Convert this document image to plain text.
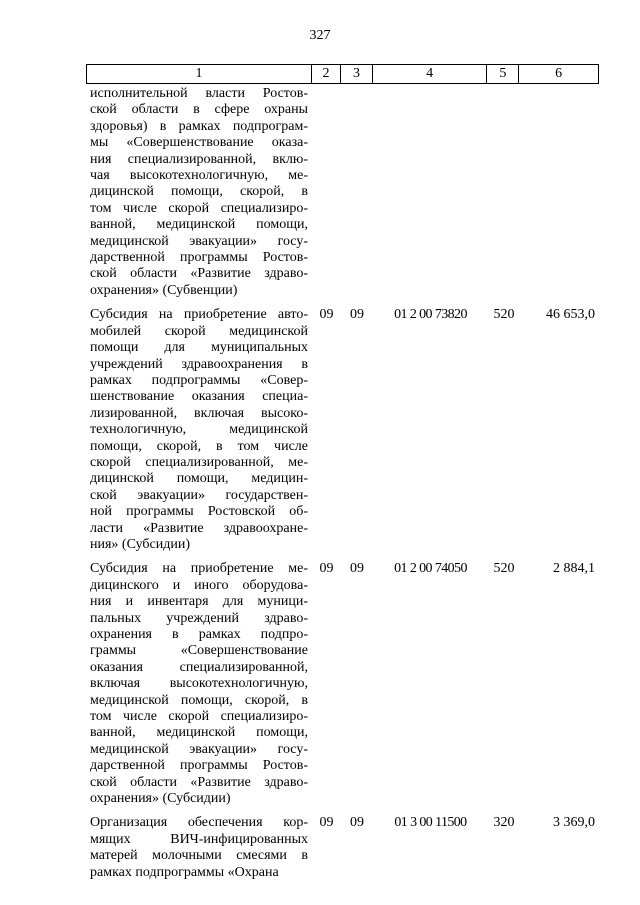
327
1	2	3	4	5	6
исполнительной власти Ростов-
ской области в сфере охраны
здоровья) в рамках подпрограм-
мы «Совершенствование оказа-
ния специализированной, вклю-
чая высокотехнологичную, ме-
дицинской помощи, скорой, в
том числе скорой специализиро-
ванной, медицинской помощи,
медицинской эвакуации» госу-
дарственной программы Ростов-
ской области «Развитие здраво-
охранения» (Субвенции)
Субсидия на приобретение авто-
мобилей скорой медицинской
помощи для муниципальных
учреждений здравоохранения в
рамках подпрограммы «Совер-
шенствование оказания специа-
лизированной, включая высоко-
технологичную, медицинской
помощи, скорой, в том числе
скорой специализированной, ме-
дицинской помощи, медицин-
ской эвакуации» государствен-
ной программы Ростовской об-
ласти «Развитие здравоохране-
ния» (Субсидии)
09	09	01 2 00 73820	520	46 653,0
Субсидия на приобретение ме-
дицинского и иного оборудова-
ния и инвентаря для муници-
пальных учреждений здраво-
охранения в рамках подпро-
граммы «Совершенствование
оказания специализированной,
включая высокотехнологичную,
медицинской помощи, скорой, в
том числе скорой специализиро-
ванной, медицинской помощи,
медицинской эвакуации» госу-
дарственной программы Ростов-
ской области «Развитие здраво-
охранения» (Субсидии)
09	09	01 2 00 74050	520	2 884,1
Организация обеспечения кор-
мящих ВИЧ-инфицированных
матерей молочными смесями в
рамках подпрограммы «Охрана
09	09	01 3 00 11500	320	3 369,0
